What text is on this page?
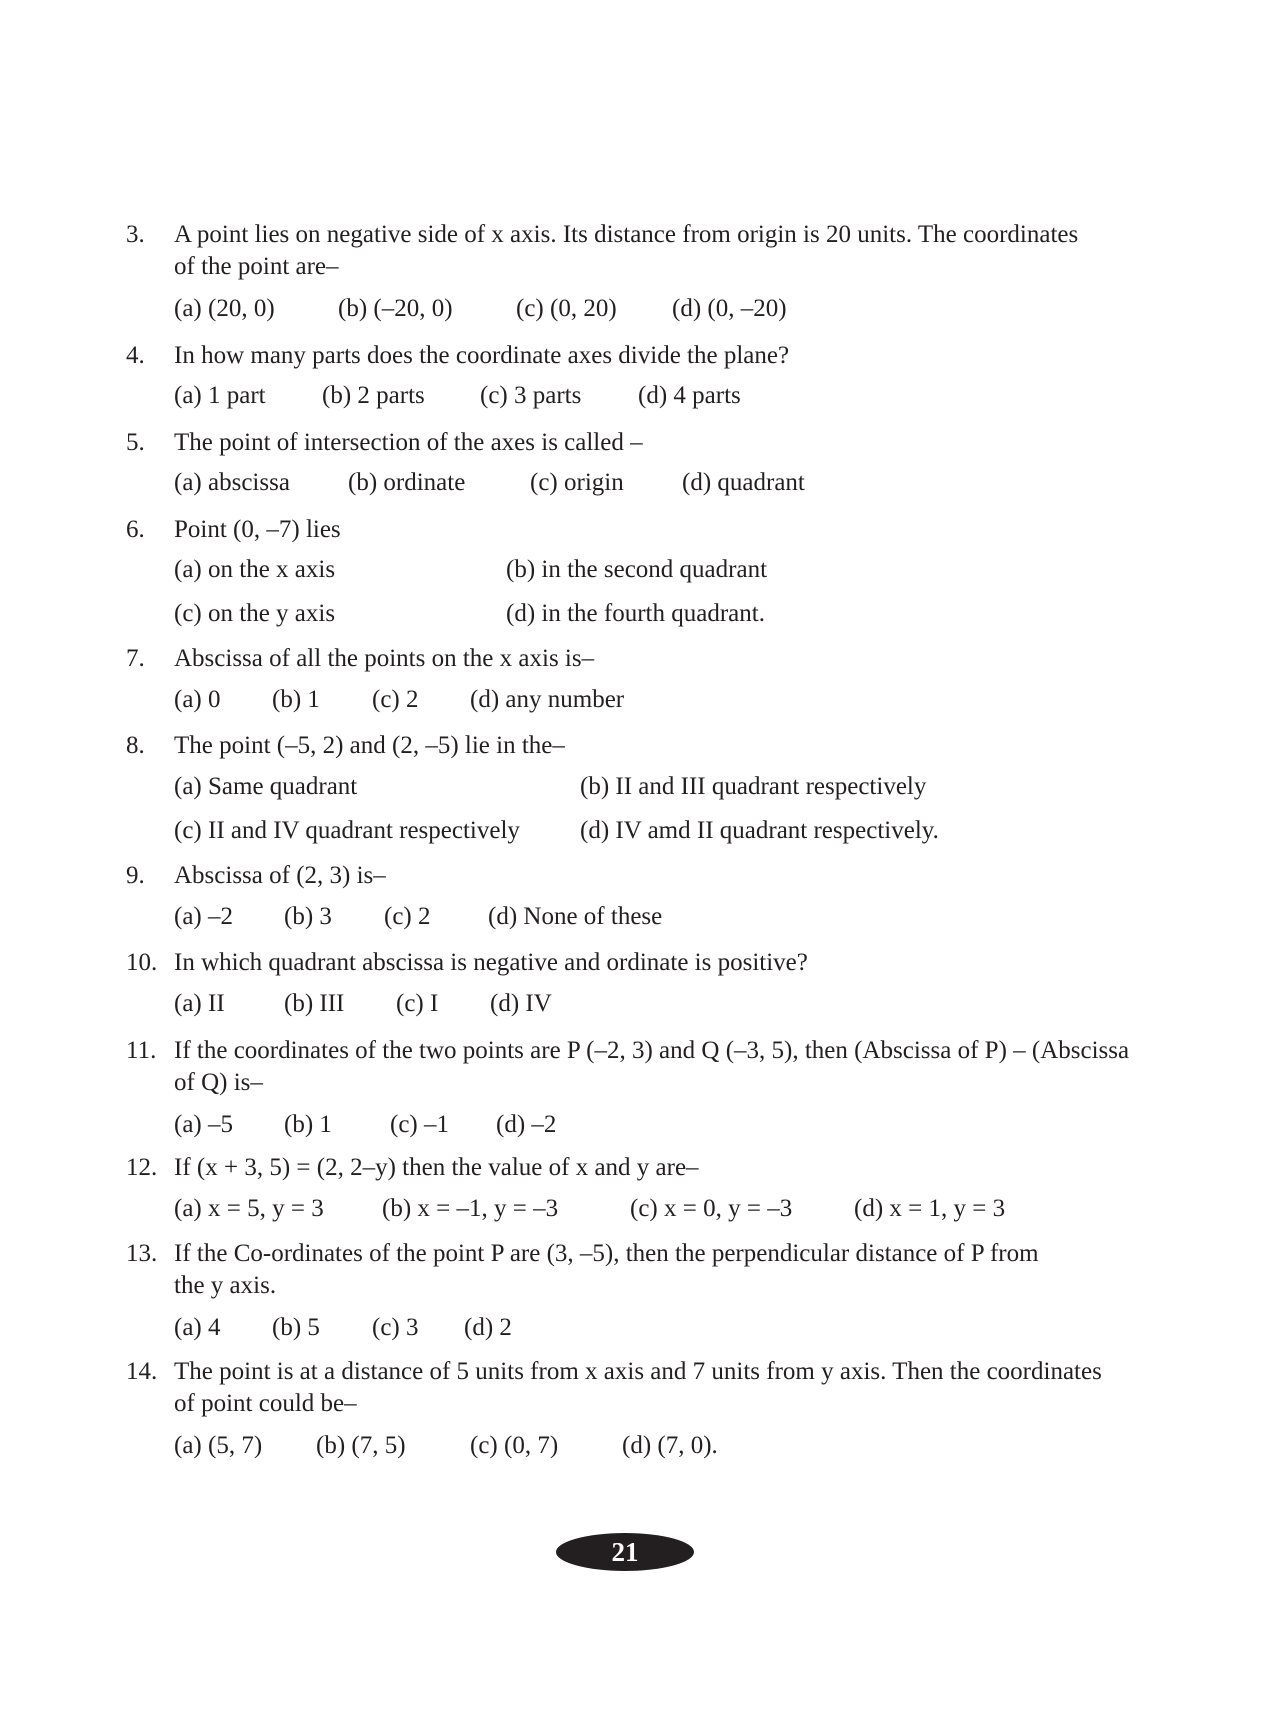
3.	A point lies on negative side of x axis. Its distance from origin is 20 units. The coordinates
of the point are–
(a) (20, 0)	(b) (–20, 0)	(c) (0, 20) (d) (0, –20)
4.	In how many parts does the coordinate axes divide the plane?
(a) 1 part (b) 2 parts (c) 3 parts (d) 4 parts
5.	The point of intersection of the axes is called –
(a) abscissa (b) ordinate	(c) origin (d) quadrant
6.	Point (0, –7) lies
(a) on the x axis	(b) in the second quadrant
(c) on the y axis	(d) in the fourth quadrant.
7.	Abscissa of all the points on the x axis is–
(a) 0 (b) 1 (c) 2 (d) any number
8.	The point (–5, 2) and (2, –5) lie in the–
(a) Same quadrant	(b) II and III quadrant respectively
(c) II and IV quadrant respectively (d) IV amd II quadrant respectively.
9.	Abscissa of (2, 3) is–
(a) –2 (b) 3 (c) 2 (d) None of these
10. In which quadrant abscissa is negative and ordinate is positive?
(a) II (b) III (c) I (d) IV
11. If the coordinates of the two points are P (–2, 3) and Q (–3, 5), then (Abscissa of P) – (Abscissa
of Q) is–
(a) –5 (b) 1 (c) –1 (d) –2
12. If (x + 3, 5) = (2, 2–y) then the value of x and y are–
(a) x = 5, y = 3 (b) x = –1, y = –3	(c) x = 0, y = –3 (d) x = 1, y = 3
13. If the Co-ordinates of the point P are (3, –5), then the perpendicular distance of P from
the y axis.
(a) 4 (b) 5 (c) 3 (d) 2
14. The point is at a distance of 5 units from x axis and 7 units from y axis. Then the coordinates
of point could be–
(a) (5, 7) (b) (7, 5)	(c) (0, 7)	(d) (7, 0).
21
